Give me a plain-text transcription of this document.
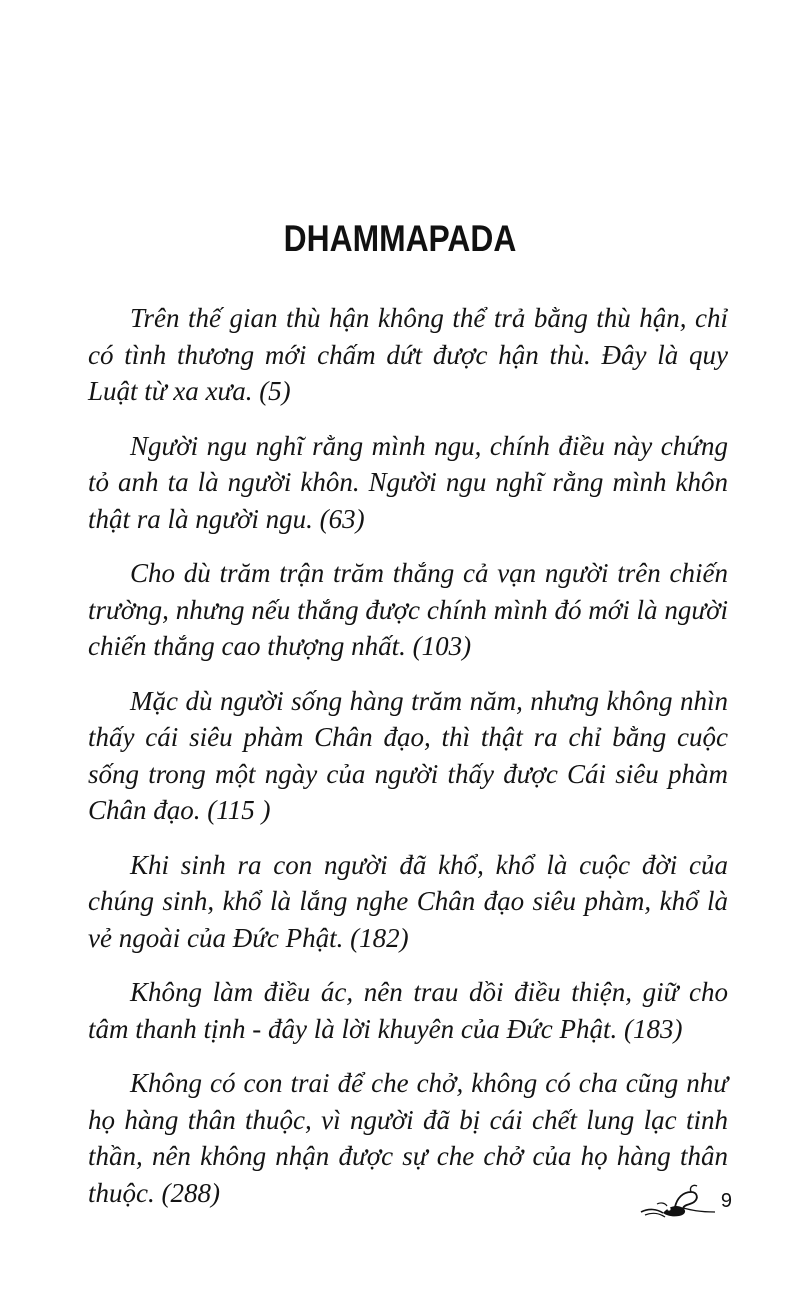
DHAMMAPADA

Trên thế gian thù hận không thể trả bằng thù hận, chỉ có tình thương mới chấm dứt được hận thù. Đây là quy Luật từ xa xưa. (5)

Người ngu nghĩ rằng mình ngu, chính điều này chứng tỏ anh ta là người khôn. Người ngu nghĩ rằng mình khôn thật ra là người ngu. (63)

Cho dù trăm trận trăm thắng cả vạn người trên chiến trường, nhưng nếu thắng được chính mình đó mới là người chiến thắng cao thượng nhất. (103)

Mặc dù người sống hàng trăm năm, nhưng không nhìn thấy cái siêu phàm Chân đạo, thì thật ra chỉ bằng cuộc sống trong một ngày của người thấy được Cái siêu phàm Chân đạo. (115 )

Khi sinh ra con người đã khổ, khổ là cuộc đời của chúng sinh, khổ là lắng nghe Chân đạo siêu phàm, khổ là vẻ ngoài của Đức Phật. (182)

Không làm điều ác, nên trau dồi điều thiện, giữ cho tâm thanh tịnh - đây là lời khuyên của Đức Phật. (183)

Không có con trai để che chở, không có cha cũng như họ hàng thân thuộc, vì người đã bị cái chết lung lạc tinh thần, nên không nhận được sự che chở của họ hàng thân thuộc. (288)	9
